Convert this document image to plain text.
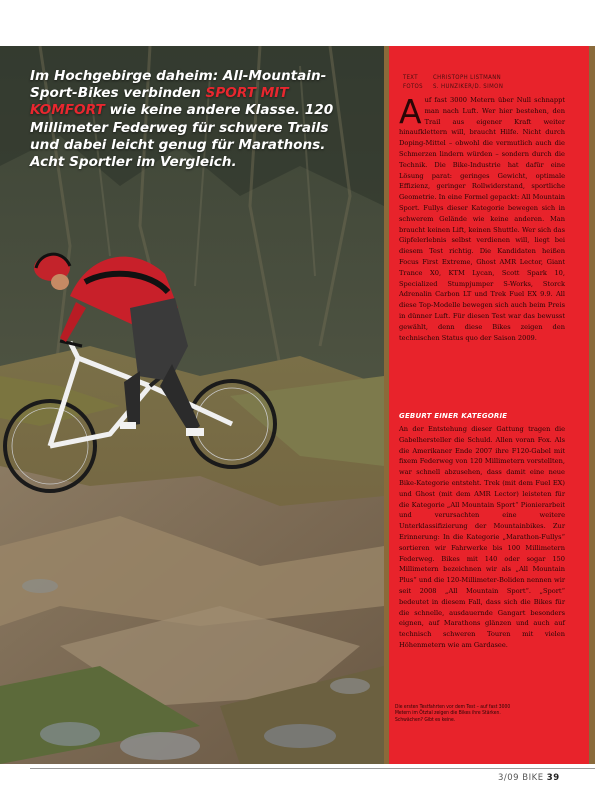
Im Hochgebirge daheim: All-Mountain-Sport-Bikes verbinden SPORT MIT KOMFORT wie keine andere Klasse. 120 Millimeter Federweg für schwere Trails und dabei leicht genug für Marathons. Acht Sportler im Vergleich.
TEXT	CHRISTOPH LISTMANN
FOTOS	S. HUNZIKER/D. SIMON
A uf fast 3000 Metern über Null schnappt man nach Luft. Wer hier bestehen, den Trail aus eigener Kraft weiter hinaufklettern will, braucht Hilfe. Nicht durch Doping-Mittel – obwohl die vermutlich auch die Schmerzen lindern würden – sondern durch die Technik. Die Bike-Industrie hat dafür eine Lösung parat: geringes Gewicht, optimale Effizienz, geringer Rollwiderstand, sportliche Geometrie. In eine Formel gepackt: All Mountain Sport. Fullys dieser Kategorie bewegen sich in schwerem Gelände wie keine anderen. Man braucht keinen Lift, keinen Shuttle. Wer sich das Gipfelerlebnis selbst verdienen will, liegt bei diesem Test richtig. Die Kandidaten heißen Focus First Extreme, Ghost AMR Lector, Giant Trance X0, KTM Lycan, Scott Spark 10, Specialized Stumpjumper S-Works, Storck Adrenalin Carbon LT und Trek Fuel EX 9.9. All diese Top-Modelle bewegen sich auch beim Preis in dünner Luft. Für diesen Test war das bewusst gewählt, denn diese Bikes zeigen den technischen Status quo der Saison 2009.

GEBURT EINER KATEGORIE

An der Entstehung dieser Gattung tragen die Gabelhersteller die Schuld. Allen voran Fox. Als die Amerikaner Ende 2007 ihre F120-Gabel mit fixem Federweg von 120 Millimetern vorstellten, war schnell abzusehen, dass damit eine neue Bike-Kategorie entsteht. Trek (mit dem Fuel EX) und Ghost (mit dem AMR Lector) leisteten für die Kategorie „All Mountain Sport“ Pionierarbeit und verursachten eine weitere Unterklassifizierung der Mountainbikes. Zur Erinnerung: In die Kategorie „Marathon-Fullys“ sortieren wir Fahrwerke bis 100 Millimetern Federweg. Bikes mit 140 oder sogar 150 Millimetern bezeichnen wir als „All Mountain Plus“ und die 120-Millimeter-Boliden nennen wir seit 2008 „All Mountain Sport“. „Sport“ bedeutet in diesem Fall, dass sich die Bikes für die schnelle, ausdauernde Gangart besonders eignen, auf Marathons glänzen und auch auf technisch schweren Touren mit vielen Höhenmetern wie am Gardasee.

Die ersten Testfahrten vor dem Test – auf fast 3000 Metern im Ötztal zeigen die Bikes ihre Stärken. Schwächen? Gibt es keine.

3/09 BIKE 39
